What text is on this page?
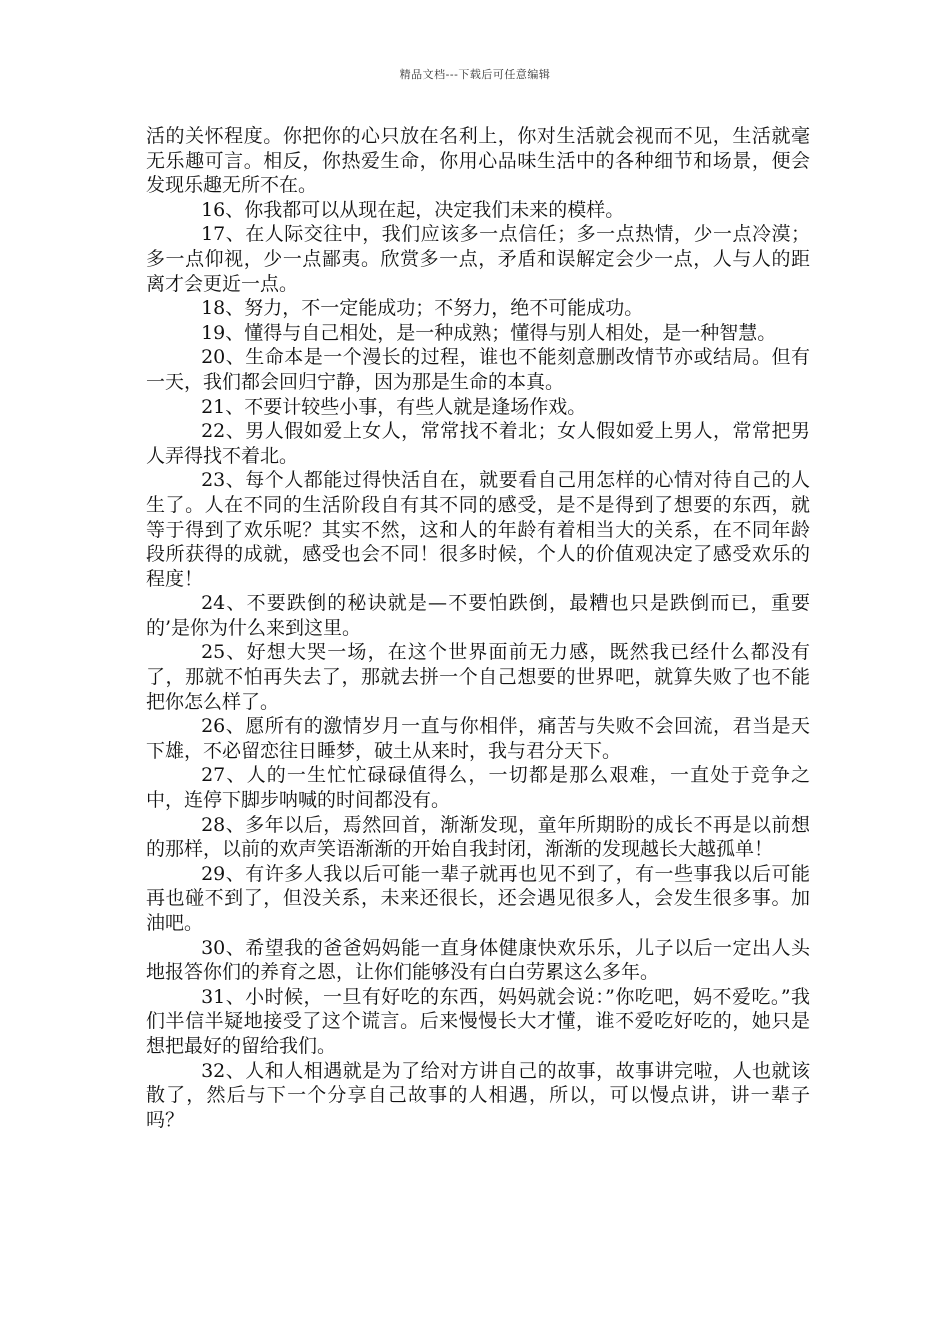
精品文档---下载后可任意编辑

活的关怀程度。你把你的心只放在名利上，你对生活就会视而不见，生活就毫无乐趣可言。相反，你热爱生命，你用心品味生活中的各种细节和场景，便会发现乐趣无所不在。

16、你我都可以从现在起，决定我们未来的模样。

17、在人际交往中，我们应该多一点信任；多一点热情，少一点冷漠；多一点仰视，少一点鄙夷。欣赏多一点，矛盾和误解定会少一点，人与人的距离才会更近一点。

18、努力，不一定能成功；不努力，绝不可能成功。

19、懂得与自己相处，是一种成熟；懂得与别人相处，是一种智慧。

20、生命本是一个漫长的过程，谁也不能刻意删改情节亦或结局。但有一天，我们都会回归宁静，因为那是生命的本真。

21、不要计较些小事，有些人就是逢场作戏。

22、男人假如爱上女人，常常找不着北；女人假如爱上男人，常常把男人弄得找不着北。

23、每个人都能过得快活自在，就要看自己用怎样的心情对待自己的人生了。人在不同的生活阶段自有其不同的感受，是不是得到了想要的东西，就等于得到了欢乐呢？其实不然，这和人的年龄有着相当大的关系，在不同年龄段所获得的成就，感受也会不同！很多时候，个人的价值观决定了感受欢乐的程度！

24、不要跌倒的秘诀就是—不要怕跌倒，最糟也只是跌倒而已，重要的’是你为什么来到这里。

25、好想大哭一场，在这个世界面前无力感，既然我已经什么都没有了，那就不怕再失去了，那就去拼一个自己想要的世界吧，就算失败了也不能把你怎么样了。

26、愿所有的激情岁月一直与你相伴，痛苦与失败不会回流，君当是天下雄，不必留恋往日睡梦，破土从来时，我与君分天下。

27、人的一生忙忙碌碌值得么，一切都是那么艰难，一直处于竞争之中，连停下脚步呐喊的时间都没有。

28、多年以后，焉然回首，渐渐发现，童年所期盼的成长不再是以前想的那样，以前的欢声笑语渐渐的开始自我封闭，渐渐的发现越长大越孤单！

29、有许多人我以后可能一辈子就再也见不到了，有一些事我以后可能再也碰不到了，但没关系，未来还很长，还会遇见很多人，会发生很多事。加油吧。

30、希望我的爸爸妈妈能一直身体健康快欢乐乐，儿子以后一定出人头地报答你们的养育之恩，让你们能够没有白白劳累这么多年。

31、小时候，一旦有好吃的东西，妈妈就会说：”你吃吧，妈不爱吃。”我们半信半疑地接受了这个谎言。后来慢慢长大才懂，谁不爱吃好吃的，她只是想把最好的留给我们。

32、人和人相遇就是为了给对方讲自己的故事，故事讲完啦，人也就该散了，然后与下一个分享自己故事的人相遇，所以，可以慢点讲，讲一辈子吗？
